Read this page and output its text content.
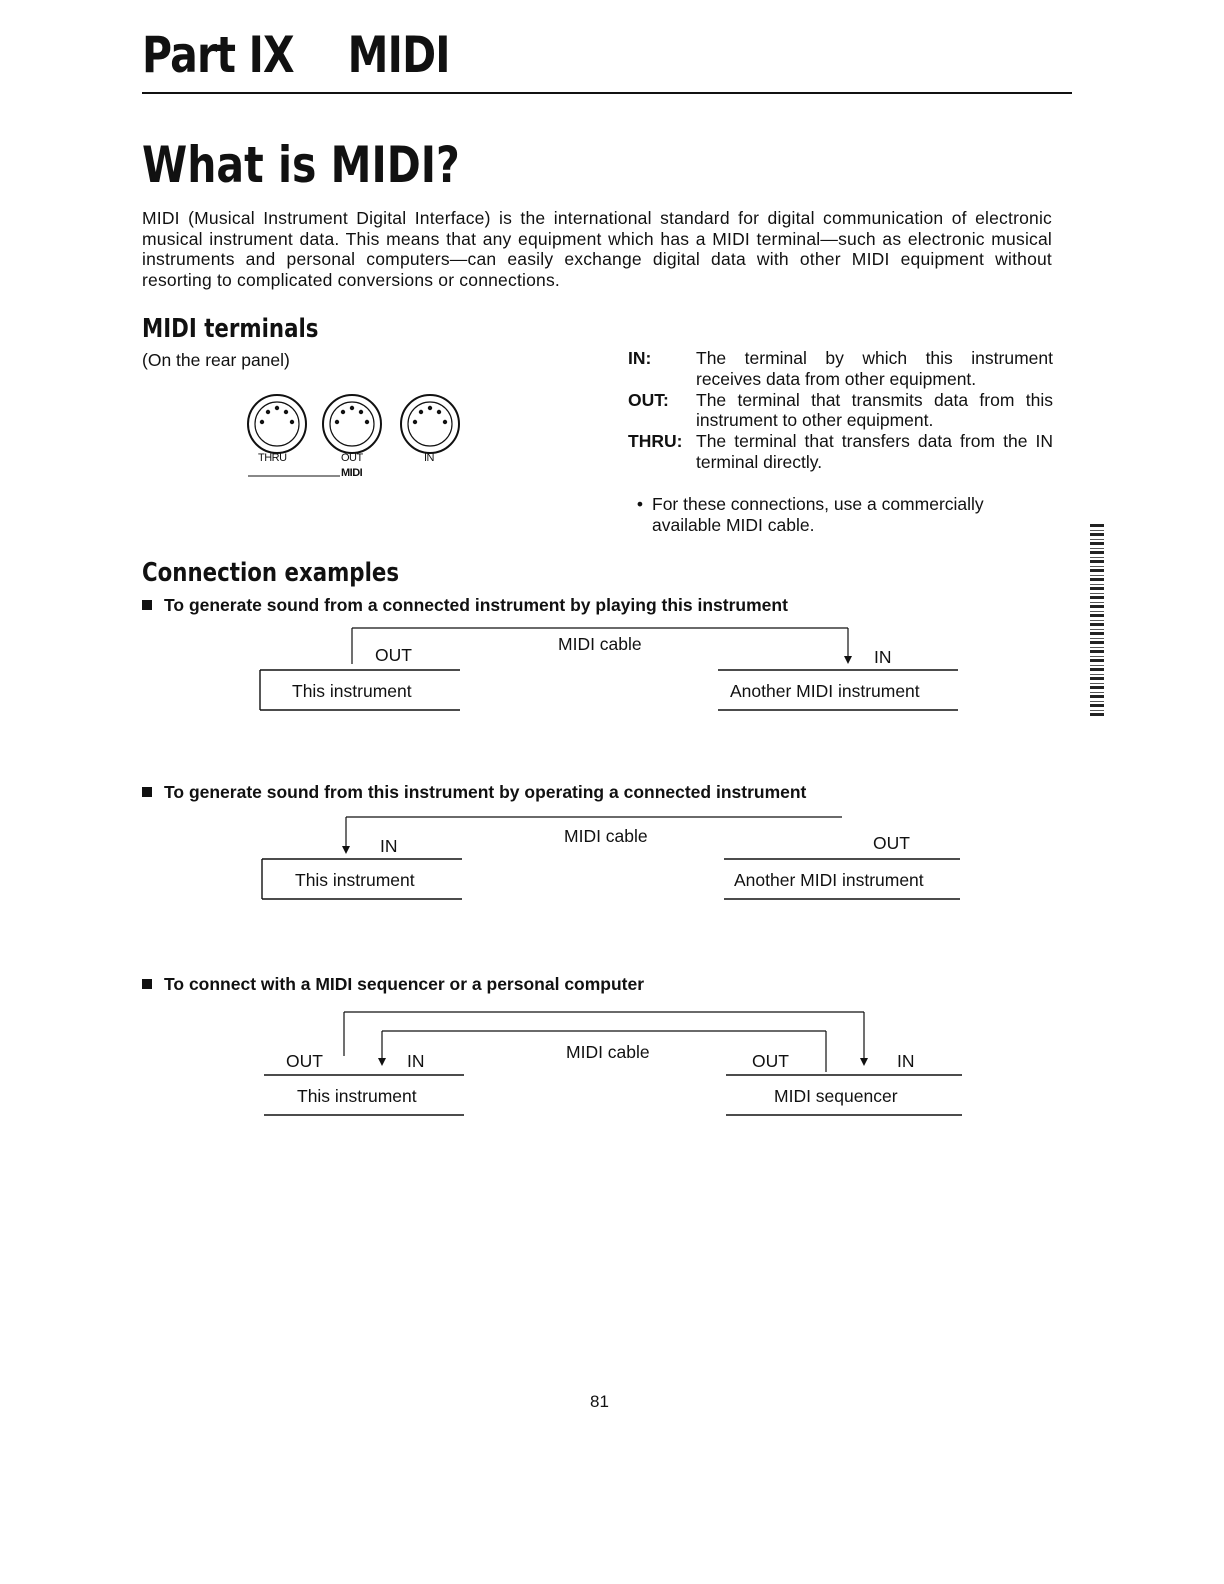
Part IX MIDI
What is MIDI?
MIDI (Musical Instrument Digital Interface) is the international standard for digital communication of electronic musical instrument data. This means that any equipment which has a MIDI terminal—such as electronic musical instruments and personal computers—can easily exchange digital data with other MIDI equipment without resorting to complicated conversions or connections.
MIDI terminals
(On the rear panel)
THRU	OUT	IN
MIDI
IN:	The terminal by which this instrument receives data from other equipment.
OUT:	The terminal that transmits data from this instrument to other equipment.
THRU: The terminal that transfers data from the IN terminal directly.
• For these connections, use a commercially available MIDI cable.
Connection examples
To generate sound from a connected instrument by playing this instrument
OUT
MIDI cable
IN
This instrument	Another MIDI instrument
To generate sound from this instrument by operating a connected instrument
IN	MIDI cable	OUT
This instrument	Another MIDI instrument
To connect with a MIDI sequencer or a personal computer
OUT	IN	MIDI cable	OUT	IN
This instrument	MIDI sequencer
81
